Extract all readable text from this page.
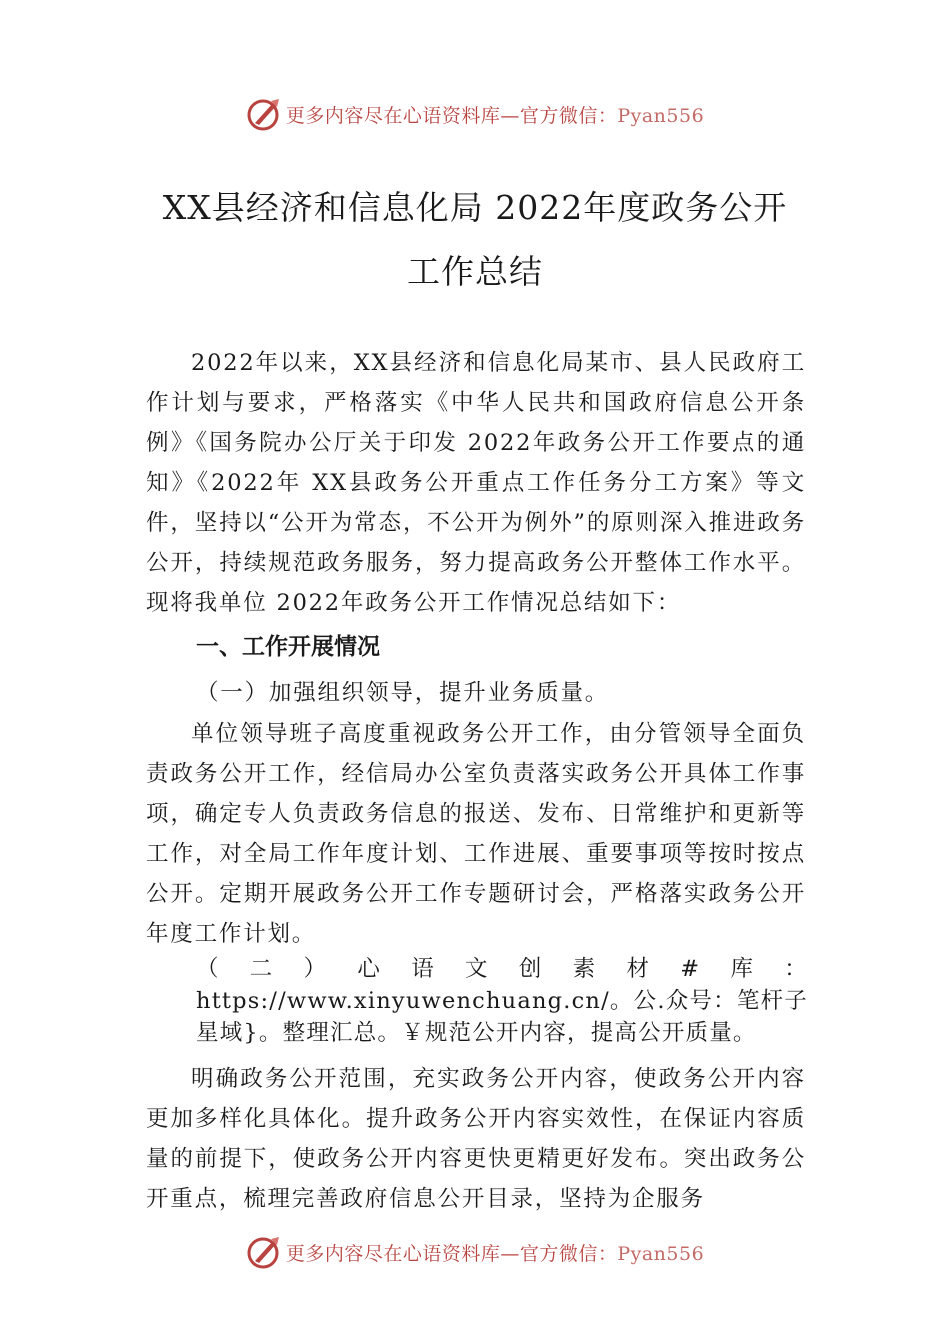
更多内容尽在心语资料库—官方微信：Pyan556
XX县经济和信息化局 2022年度政务公开
工作总结

2022年以来，XX县经济和信息化局某市、县人民政府工作计划与要求，严格落实《中华人民共和国政府信息公开条例》《国务院办公厅关于印发 2022年政务公开工作要点的通知》《2022年 XX县政务公开重点工作任务分工方案》等文件，坚持以“公开为常态，不公开为例外”的原则深入推进政务公开，持续规范政务服务，努力提高政务公开整体工作水平。现将我单位 2022年政务公开工作情况总结如下：

一、工作开展情况
（一）加强组织领导，提升业务质量。

单位领导班子高度重视政务公开工作，由分管领导全面负责政务公开工作，经信局办公室负责落实政务公开具体工作事项，确定专人负责政务信息的报送、发布、日常维护和更新等工作，对全局工作年度计划、工作进展、重要事项等按时按点公开。定期开展政务公开工作专题研讨会，严格落实政务公开年度工作计划。

（二）心语文创素材#库：https://www.xinyuwenchuang.cn/。公.众号：笔杆子星域}。整理汇总。￥规范公开内容，提高公开质量。

明确政务公开范围，充实政务公开内容，使政务公开内容更加多样化具体化。提升政务公开内容实效性，在保证内容质量的前提下，使政务公开内容更快更精更好发布。突出政务公开重点，梳理完善政府信息公开目录，坚持为企服务

更多内容尽在心语资料库—官方微信：Pyan556
